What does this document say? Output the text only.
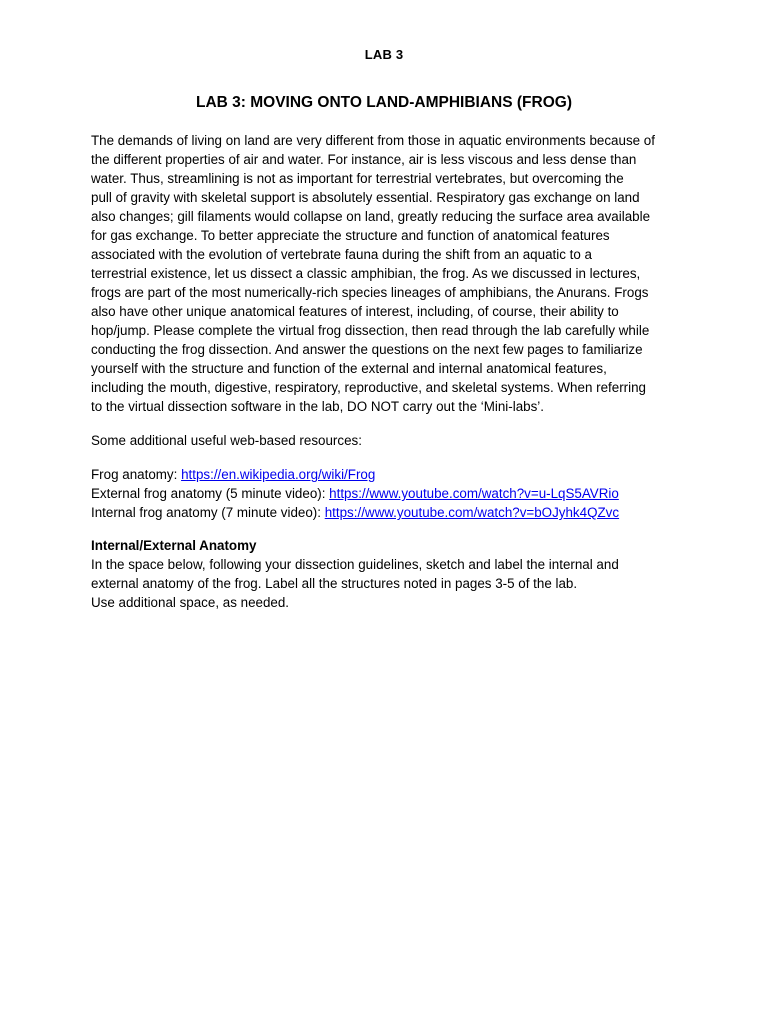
LAB 3
LAB 3: MOVING ONTO LAND-AMPHIBIANS (FROG)
The demands of living on land are very different from those in aquatic environments because of
the different properties of air and water. For instance, air is less viscous and less dense than
water. Thus, streamlining is not as important for terrestrial vertebrates, but overcoming the
pull of gravity with skeletal support is absolutely essential. Respiratory gas exchange on land
also changes; gill filaments would collapse on land, greatly reducing the surface area available
for gas exchange. To better appreciate the structure and function of anatomical features
associated with the evolution of vertebrate fauna during the shift from an aquatic to a
terrestrial existence, let us dissect a classic amphibian, the frog. As we discussed in lectures,
frogs are part of the most numerically-rich species lineages of amphibians, the Anurans. Frogs
also have other unique anatomical features of interest, including, of course, their ability to
hop/jump. Please complete the virtual frog dissection, then read through the lab carefully while
conducting the frog dissection. And answer the questions on the next few pages to familiarize
yourself with the structure and function of the external and internal anatomical features,
including the mouth, digestive, respiratory, reproductive, and skeletal systems. When referring
to the virtual dissection software in the lab, DO NOT carry out the ‘Mini-labs’.

Some additional useful web-based resources:

Frog anatomy: https://en.wikipedia.org/wiki/Frog
External frog anatomy (5 minute video): https://www.youtube.com/watch?v=u-LqS5AVRio
Internal frog anatomy (7 minute video): https://www.youtube.com/watch?v=bOJyhk4QZvc
Internal/External Anatomy
In the space below, following your dissection guidelines, sketch and label the internal and
external anatomy of the frog. Label all the structures noted in pages 3-5 of the lab.
Use additional space, as needed.
